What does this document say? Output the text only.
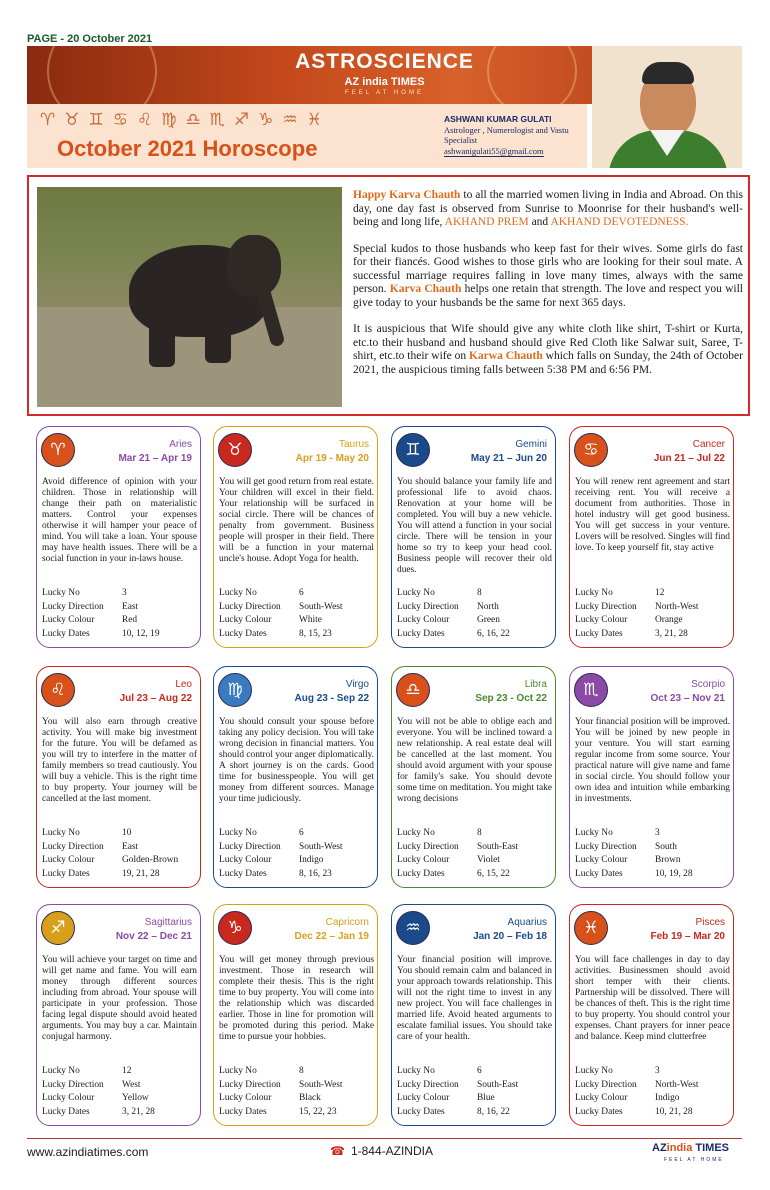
PAGE - 20 October 2021
ASTROSCIENCE
AZ india TIMES
FEEL AT HOME
♈♉♊♋♌♍♎♏♐♑♒♓
October 2021 Horoscope
ASHWANI KUMAR GULATI
Astrologer , Numerologist and Vastu Specialist
ashwanigulati55@gmail.com

Happy Karva Chauth to all the married women living in India and Abroad. On this day, one day fast is observed from Sunrise to Moonrise for their husband's well-being and long life, AKHAND PREM and AKHAND DEVOTEDNESS.

Special kudos to those husbands who keep fast for their wives. Some girls do fast for their fiancés. Good wishes to those girls who are looking for their soul mate. A successful marriage requires falling in love many times, always with the same person. Karva Chauth helps one retain that strength. The love and respect you will give today to your husbands be the same for next 365 days.

It is auspicious that Wife should give any white cloth like shirt, T-shirt or Kurta, etc.to their husband and husband should give Red Cloth like Salwar suit, Saree, T-shirt, etc.to their wife on Karwa Chauth which falls on Sunday, the 24th of October 2021, the auspicious timing falls between 5:38 PM and 6:56 PM.

♈	Aries
Mar 21 – Apr 19
Avoid difference of opinion with your children. Those in relationship will change their path on materialistic matters. Control your expenses otherwise it will hamper your peace of mind. You will take a loan. Your spouse may have health issues. There will be a social function in your in-laws house.
Lucky No	3
Lucky Direction	East
Lucky Colour	Red
Lucky Dates	10, 12, 19
♉	Taurus
Apr 19 - May 20
You will get good return from real estate. Your children will excel in their field. Your relationship will be surfaced in social circle. There will be chances of penalty from government. Business people will prosper in their field. There will be a function in your maternal uncle's house. Adopt Yoga for health.
Lucky No	6
Lucky Direction	South-West
Lucky Colour	White
Lucky Dates	8, 15, 23
♊	Gemini
May 21 – Jun 20
You should balance your family life and professional life to avoid chaos. Renovation at your home will be completed. You will buy a new vehicle. You will attend a function in your social circle. There will be tension in your home so try to keep your head cool. Business people will recover their old dues.
Lucky No	8
Lucky Direction	North
Lucky Colour	Green
Lucky Dates	6, 16, 22
♋	Cancer
Jun 21 – Jul 22
You will renew rent agreement and start receiving rent. You will receive a document from authorities. Those in hotel industry will get good business. You will get success in your venture. Lovers will be resolved. Singles will find love. To keep yourself fit, stay active
Lucky No	12
Lucky Direction	North-West
Lucky Colour	Orange
Lucky Dates	3, 21, 28
♌	Leo
Jul 23 – Aug 22
You will also earn through creative activity. You will make big investment for the future. You will be defamed as you will try to interfere in the matter of family members so tread cautiously. You will buy a vehicle. This is the right time to buy property. Your journey will be cancelled at the last moment.
Lucky No	10
Lucky Direction	East
Lucky Colour	Golden-Brown
Lucky Dates	19, 21, 28
♍	Virgo
Aug 23 - Sep 22
You should consult your spouse before taking any policy decision. You will take wrong decision in financial matters. You should control your anger diplomatically. A short journey is on the cards. Good time for businesspeople. You will get money from different sources. Manage your time judiciously.
Lucky No	6
Lucky Direction	South-West
Lucky Colour	Indigo
Lucky Dates	8, 16, 23
♎	Libra
Sep 23 - Oct 22
You will not be able to oblige each and everyone. You will be inclined toward a new relationship. A real estate deal will be cancelled at the last moment. You should avoid argument with your spouse for family's sake. You should devote some time on meditation. You might take wrong decisions
Lucky No	8
Lucky Direction	South-East
Lucky Colour	Violet
Lucky Dates	6, 15, 22
♏	Scorpio
Oct 23 – Nov 21
Your financial position will be improved. You will be joined by new people in your venture. You will start earning regular income from some source. Your practical nature will give name and fame in social circle. You should follow your own idea and intuition while embarking in investments.
Lucky No	3
Lucky Direction	South
Lucky Colour	Brown
Lucky Dates	10, 19, 28
♐	Sagittarius
Nov 22 – Dec 21
You will achieve your target on time and will get name and fame. You will earn money through different sources including from abroad. Your spouse will participate in your profession. Those facing legal dispute should avoid heated arguments. You may buy a car. Maintain conjugal harmony.
Lucky No	12
Lucky Direction	West
Lucky Colour	Yellow
Lucky Dates	3, 21, 28
♑	Capricorn
Dec 22 – Jan 19
You will get money through previous investment. Those in research will complete their thesis. This is the right time to buy property. You will come into the relationship which was discarded earlier. Those in line for promotion will be promoted during this period. Make time to pursue your hobbies.
Lucky No	8
Lucky Direction	South-West
Lucky Colour	Black
Lucky Dates	15, 22, 23
♒	Aquarius
Jan 20 – Feb 18
Your financial position will improve. You should remain calm and balanced in your approach towards relationship. This will not the right time to invest in any new project. You will face challenges in married life. Avoid heated arguments to escalate familial issues. You should take care of your health.
Lucky No	6
Lucky Direction	South-East
Lucky Colour	Blue
Lucky Dates	8, 16, 22
♓	Pisces
Feb 19 – Mar 20
You will face challenges in day to day activities. Businessmen should avoid short temper with their clients. Partnership will be dissolved. There will be chances of theft. This is the right time to buy property. You should control your expenses. Chant prayers for inner peace and balance. Keep mind clutterfree
Lucky No	3
Lucky Direction	North-West
Lucky Colour	Indigo
Lucky Dates	10, 21, 28
www.azindiatimes.com	☎ 1-844-AZINDIA	AZindia TIMES
FEEL AT HOME
